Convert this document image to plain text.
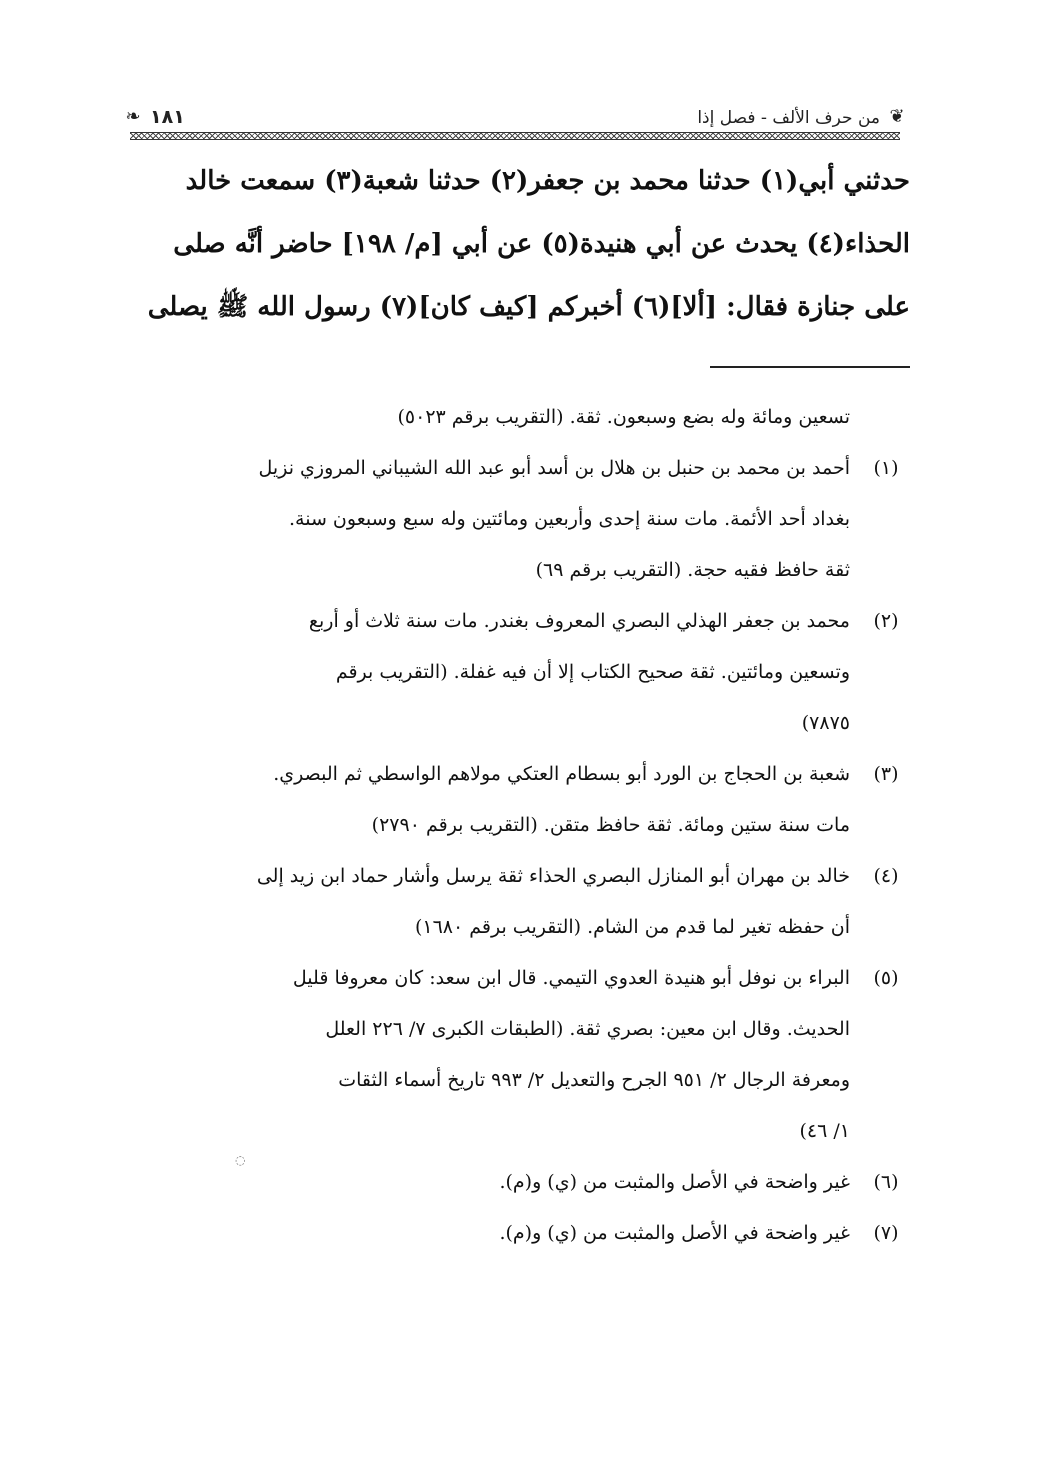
❦
من حرف الألف - فصل إذا
١٨١
❧
حدثني أبي(١) حدثنا محمد بن جعفر(٢) حدثنا شعبة(٣) سمعت خالد
الحذاء(٤) يحدث عن أبي هنيدة(٥) عن أبي [م/ ١٩٨] حاضر أنَّه صلى
على جنازة فقال: [ألا](٦) أخبركم [كيف كان](٧) رسول الله ﷺ يصلى
تسعين ومائة وله بضع وسبعون. ثقة. (التقريب برقم ٥٠٢٣)
(١)
أحمد بن محمد بن حنبل بن هلال بن أسد أبو عبد الله الشيباني المروزي نزيل
بغداد أحد الأئمة. مات سنة إحدى وأربعين ومائتين وله سبع وسبعون سنة.
ثقة حافظ فقيه حجة. (التقريب برقم ٦٩)
(٢)
محمد بن جعفر الهذلي البصري المعروف بغندر. مات سنة ثلاث أو أربع
وتسعين ومائتين. ثقة صحيح الكتاب إلا أن فيه غفلة. (التقريب برقم
٧٨٧٥)
(٣)
شعبة بن الحجاج بن الورد أبو بسطام العتكي مولاهم الواسطي ثم البصري.
مات سنة ستين ومائة. ثقة حافظ متقن. (التقريب برقم ٢٧٩٠)
(٤)
خالد بن مهران أبو المنازل البصري الحذاء ثقة يرسل وأشار حماد ابن زيد إلى
أن حفظه تغير لما قدم من الشام. (التقريب برقم ١٦٨٠)
(٥)
البراء بن نوفل أبو هنيدة العدوي التيمي. قال ابن سعد: كان معروفا قليل
الحديث. وقال ابن معين: بصري ثقة. (الطبقات الكبرى ٧/ ٢٢٦ العلل
ومعرفة الرجال ٢/ ٩٥١ الجرح والتعديل ٢/ ٩٩٣ تاريخ أسماء الثقات
١/ ٤٦)
(٦)
غير واضحة في الأصل والمثبت من (ي) و(م).
(٧)
غير واضحة في الأصل والمثبت من (ي) و(م).
◌
